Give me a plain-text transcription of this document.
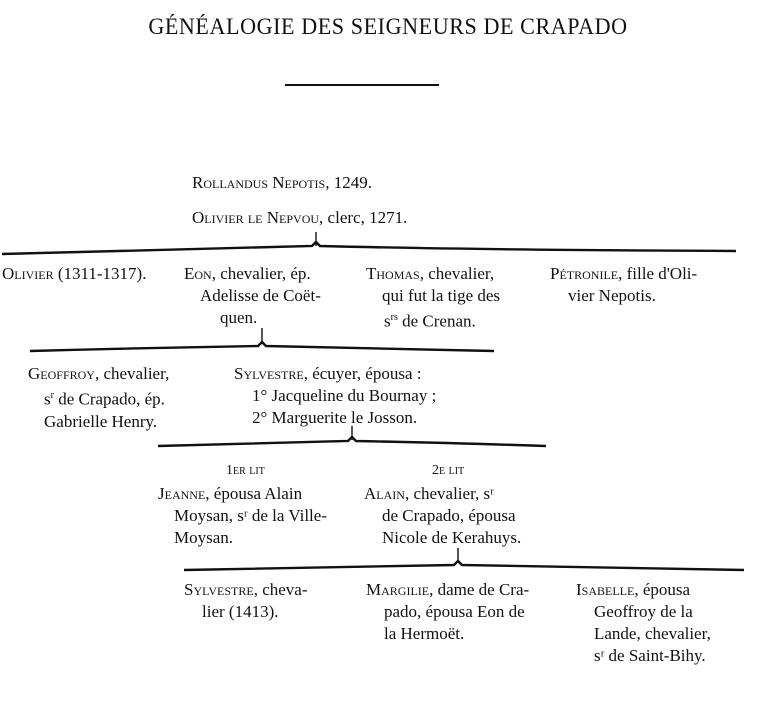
GÉNÉALOGIE DES SEIGNEURS DE CRAPADO
Rollandus Nepotis, 1249.
Olivier le Nepvou, clerc, 1271.
Olivier (1311-1317). Eon, chevalier, ép.
Adelisse de Coët-
quen.
Thomas, chevalier,
qui fut la tige des
$s^{rs}$ de Crenan.
Pétronile, fille d'Oli-
vier Nepotis.
Geoffroy, chevalier,
$s^r$ de Crapado, ép.
Gabrielle Henry.
Sylvestre, écuyer, épousa :
1° Jacqueline du Bournay ;
2° Marguerite le Josson.
1er lit	2e lit
Jeanne, épousa Alain
Moysan, sʳ de la Ville-
Moysan.
Alain, chevalier, sʳ
de Crapado, épousa
Nicole de Kerahuys.
Sylvestre, cheva-
lier (1413).
Margilie, dame de Cra-
pado, épousa Eon de
la Hermoët.
Isabelle, épousa
Geoffroy de la
Lande, chevalier,
sʳ de Saint-Bihy.
